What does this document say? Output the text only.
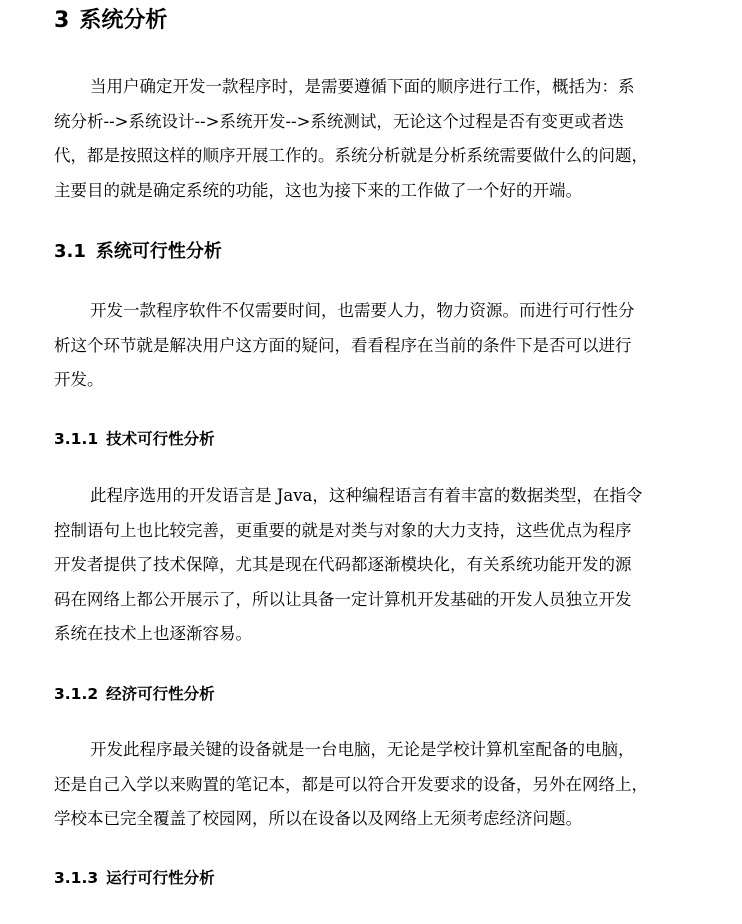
3 系统分析
当用户确定开发一款程序时，是需要遵循下面的顺序进行工作，概括为：系
统分析-->系统设计-->系统开发-->系统测试，无论这个过程是否有变更或者迭
代，都是按照这样的顺序开展工作的。系统分析就是分析系统需要做什么的问题，
主要目的就是确定系统的功能，这也为接下来的工作做了一个好的开端。
3.1 系统可行性分析
开发一款程序软件不仅需要时间，也需要人力，物力资源。而进行可行性分
析这个环节就是解决用户这方面的疑问，看看程序在当前的条件下是否可以进行
开发。
3.1.1 技术可行性分析
此程序选用的开发语言是 Java，这种编程语言有着丰富的数据类型，在指令
控制语句上也比较完善，更重要的就是对类与对象的大力支持，这些优点为程序
开发者提供了技术保障，尤其是现在代码都逐渐模块化，有关系统功能开发的源
码在网络上都公开展示了，所以让具备一定计算机开发基础的开发人员独立开发
系统在技术上也逐渐容易。
3.1.2 经济可行性分析
开发此程序最关键的设备就是一台电脑，无论是学校计算机室配备的电脑，
还是自己入学以来购置的笔记本，都是可以符合开发要求的设备，另外在网络上，
学校本已完全覆盖了校园网，所以在设备以及网络上无须考虑经济问题。
3.1.3 运行可行性分析
